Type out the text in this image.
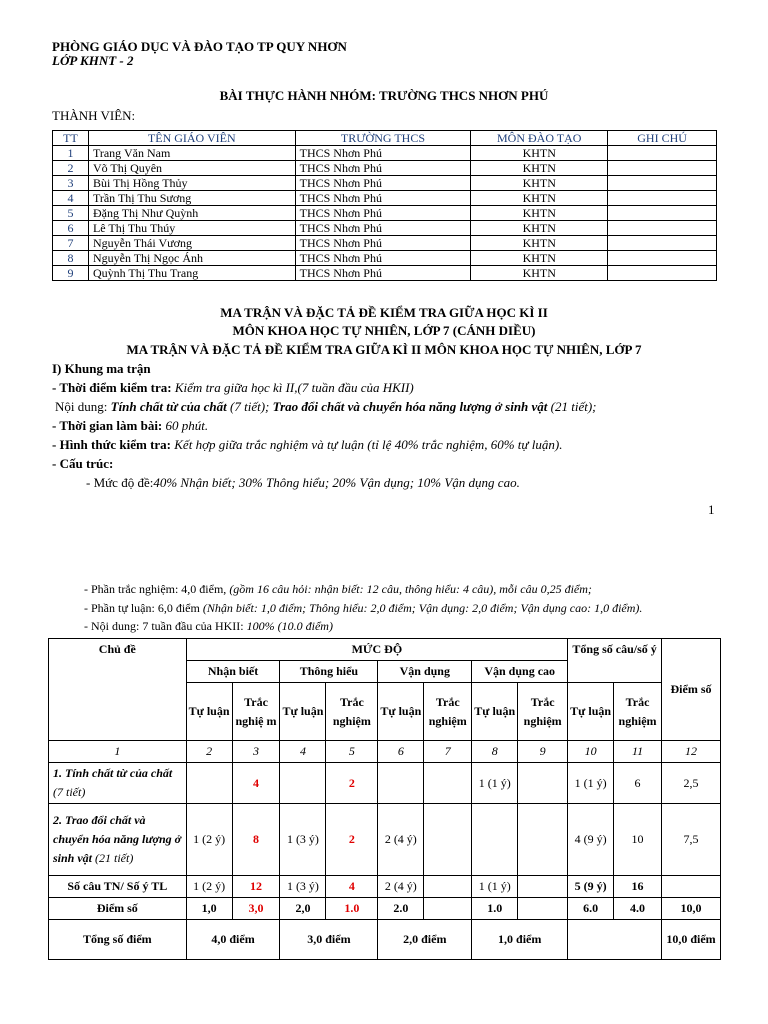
PHÒNG GIÁO DỤC VÀ ĐÀO TẠO TP QUY NHƠN
LỚP KHNT - 2
BÀI THỰC HÀNH NHÓM: TRƯỜNG THCS NHƠN PHÚ
THÀNH VIÊN:
TT	TÊN GIÁO VIÊN	TRƯỜNG THCS	MÔN ĐÀO TẠO	GHI CHÚ
1	Trang Văn Nam	THCS Nhơn Phú	KHTN	
2	Võ Thị Quyên	THCS Nhơn Phú	KHTN	
3	Bùi Thị Hồng Thủy	THCS Nhơn Phú	KHTN	
4	Trần Thị Thu Sương	THCS Nhơn Phú	KHTN	
5	Đặng Thị Như Quỳnh	THCS Nhơn Phú	KHTN	
6	Lê Thị Thu Thúy	THCS Nhơn Phú	KHTN	
7	Nguyễn Thái Vương	THCS Nhơn Phú	KHTN	
8	Nguyễn Thị Ngọc Ánh	THCS Nhơn Phú	KHTN	
9	Quỳnh Thị Thu Trang	THCS Nhơn Phú	KHTN	
MA TRẬN VÀ ĐẶC TẢ ĐỀ KIỂM TRA GIỮA HỌC KÌ II
MÔN KHOA HỌC TỰ NHIÊN, LỚP 7 (CÁNH DIỀU)
MA TRẬN VÀ ĐẶC TẢ ĐỀ KIỂM TRA GIỮA KÌ II MÔN KHOA HỌC TỰ NHIÊN, LỚP 7
I) Khung ma trận
- Thời điểm kiểm tra: Kiểm tra giữa học kì II,(7 tuần đầu của HKII)
Nội dung: Tính chất từ của chất (7 tiết); Trao đổi chất và chuyển hóa năng lượng ở sinh vật (21 tiết);
- Thời gian làm bài: 60 phút.
- Hình thức kiểm tra: Kết hợp giữa trắc nghiệm và tự luận (tỉ lệ 40% trắc nghiệm, 60% tự luận).
- Cấu trúc:
- Mức độ đề:40% Nhận biết; 30% Thông hiểu; 20% Vận dụng; 10% Vận dụng cao.
1
- Phần trắc nghiệm: 4,0 điểm, (gồm 16 câu hỏi: nhận biết: 12 câu, thông hiểu: 4 câu), mỗi câu 0,25 điểm;
- Phần tự luận: 6,0 điểm (Nhận biết: 1,0 điểm; Thông hiểu: 2,0 điểm; Vận dụng: 2,0 điểm; Vận dụng cao: 1,0 điểm).
- Nội dung: 7 tuần đầu của HKII: 100% (10.0 điểm)
Chủ đề	MỨC ĐỘ								Tổng số câu/số ý		Điểm số
	Nhận biết		Thông hiểu		Vận dụng		Vận dụng cao				
	Tự luận	Trắc nghiệ m	Tự luận	Trắc nghiệm	Tự luận	Trắc nghiệm	Tự luận	Trắc nghiệm	Tự luận	Trắc nghiệm	
1	2	3	4	5	6	7	8	9	10	11	12
1. Tính chất từ của chất (7 tiết)		4		2			1 (1 ý)		1 (1 ý)	6	2,5
2. Trao đổi chất và chuyển hóa năng lượng ở sinh vật (21 tiết)	1 (2 ý)	8	1 (3 ý)	2	2 (4 ý)				4 (9 ý)	10	7,5
Số câu TN/ Số ý TL	1 (2 ý)	12	1 (3 ý)	4	2 (4 ý)		1 (1 ý)		5 (9 ý)	16	
Điểm số	1,0	3,0	2,0	1.0	2.0		1.0		6.0	4.0	10,0
Tổng số điểm	4,0 điểm		3,0 điểm		2,0 điểm		1,0 điểm				10,0 điểm
